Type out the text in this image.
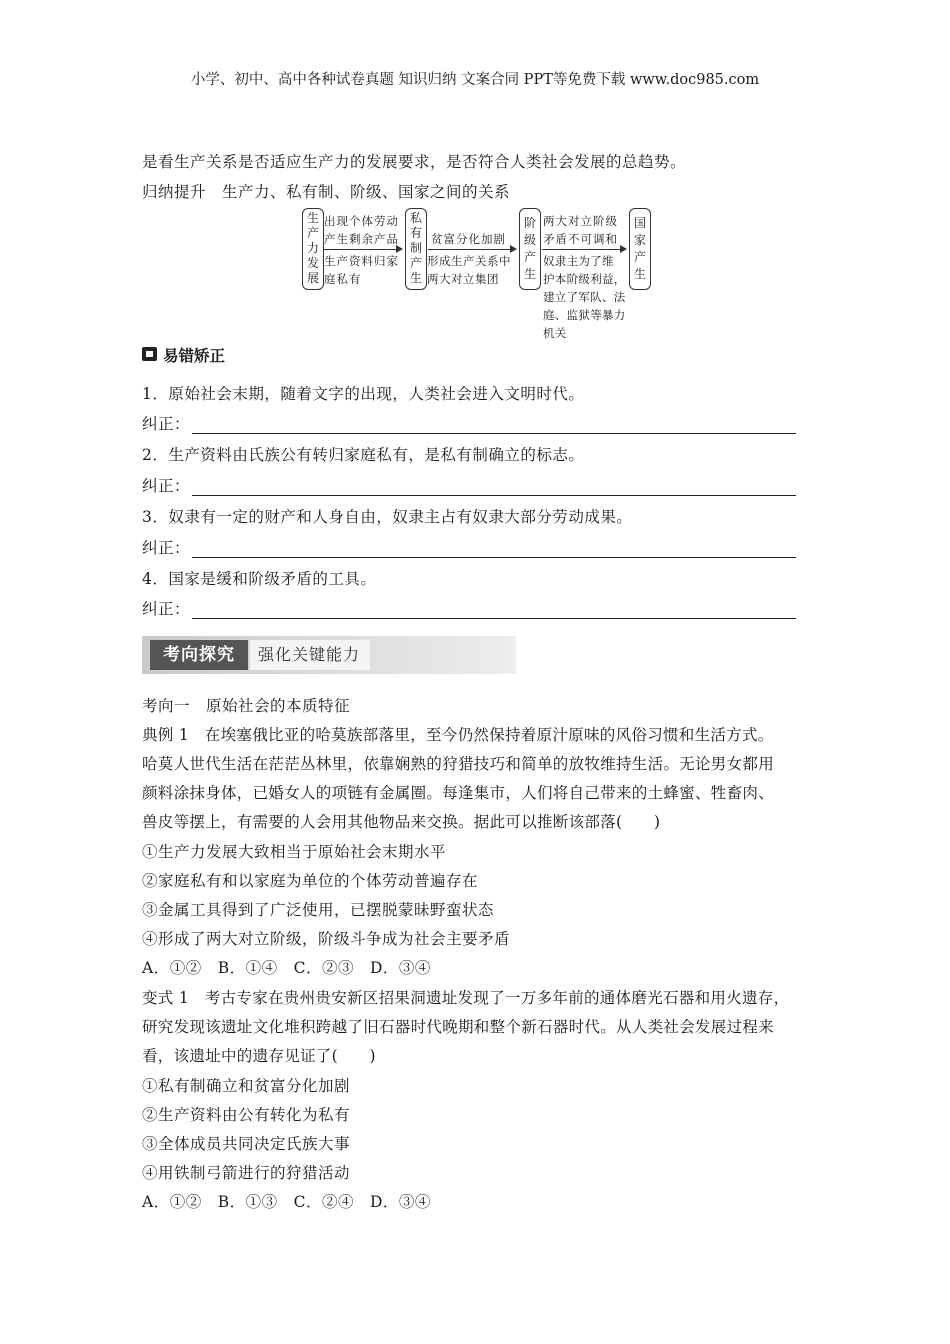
小学、初中、高中各种试卷真题 知识归纳 文案合同 PPT等免费下载 www.doc985.com
是看生产关系是否适应生产力的发展要求，是否符合人类社会发展的总趋势。
归纳提升　生产力、私有制、阶级、国家之间的关系
生产力发展
私有制产生
阶级产生
国家产生
出现个体劳动
产生剩余产品
生产资料归家
庭私有
贫富分化加剧
形成生产关系中
两大对立集团
两大对立阶级
矛盾不可调和
奴隶主为了维
护本阶级利益，
建立了军队、法
庭、监狱等暴力
机关
易错矫正
1．原始社会末期，随着文字的出现，人类社会进入文明时代。
纠正：
2．生产资料由氏族公有转归家庭私有，是私有制确立的标志。
纠正：
3．奴隶有一定的财产和人身自由，奴隶主占有奴隶大部分劳动成果。
纠正：
4．国家是缓和阶级矛盾的工具。
纠正：
考向探究	强化关键能力
考向一　原始社会的本质特征
典例 1　在埃塞俄比亚的哈莫族部落里，至今仍然保持着原汁原味的风俗习惯和生活方式。
哈莫人世代生活在茫茫丛林里，依靠娴熟的狩猎技巧和简单的放牧维持生活。无论男女都用
颜料涂抹身体，已婚女人的项链有金属圈。每逢集市，人们将自己带来的土蜂蜜、牲畜肉、
兽皮等摆上，有需要的人会用其他物品来交换。据此可以推断该部落(　　)
①生产力发展大致相当于原始社会末期水平
②家庭私有和以家庭为单位的个体劳动普遍存在
③金属工具得到了广泛使用，已摆脱蒙昧野蛮状态
④形成了两大对立阶级，阶级斗争成为社会主要矛盾
A．①②　B．①④　C．②③　D．③④
变式 1　考古专家在贵州贵安新区招果洞遗址发现了一万多年前的通体磨光石器和用火遗存，
研究发现该遗址文化堆积跨越了旧石器时代晚期和整个新石器时代。从人类社会发展过程来
看，该遗址中的遗存见证了(　　)
①私有制确立和贫富分化加剧
②生产资料由公有转化为私有
③全体成员共同决定氏族大事
④用铁制弓箭进行的狩猎活动
A．①②　B．①③　C．②④　D．③④
